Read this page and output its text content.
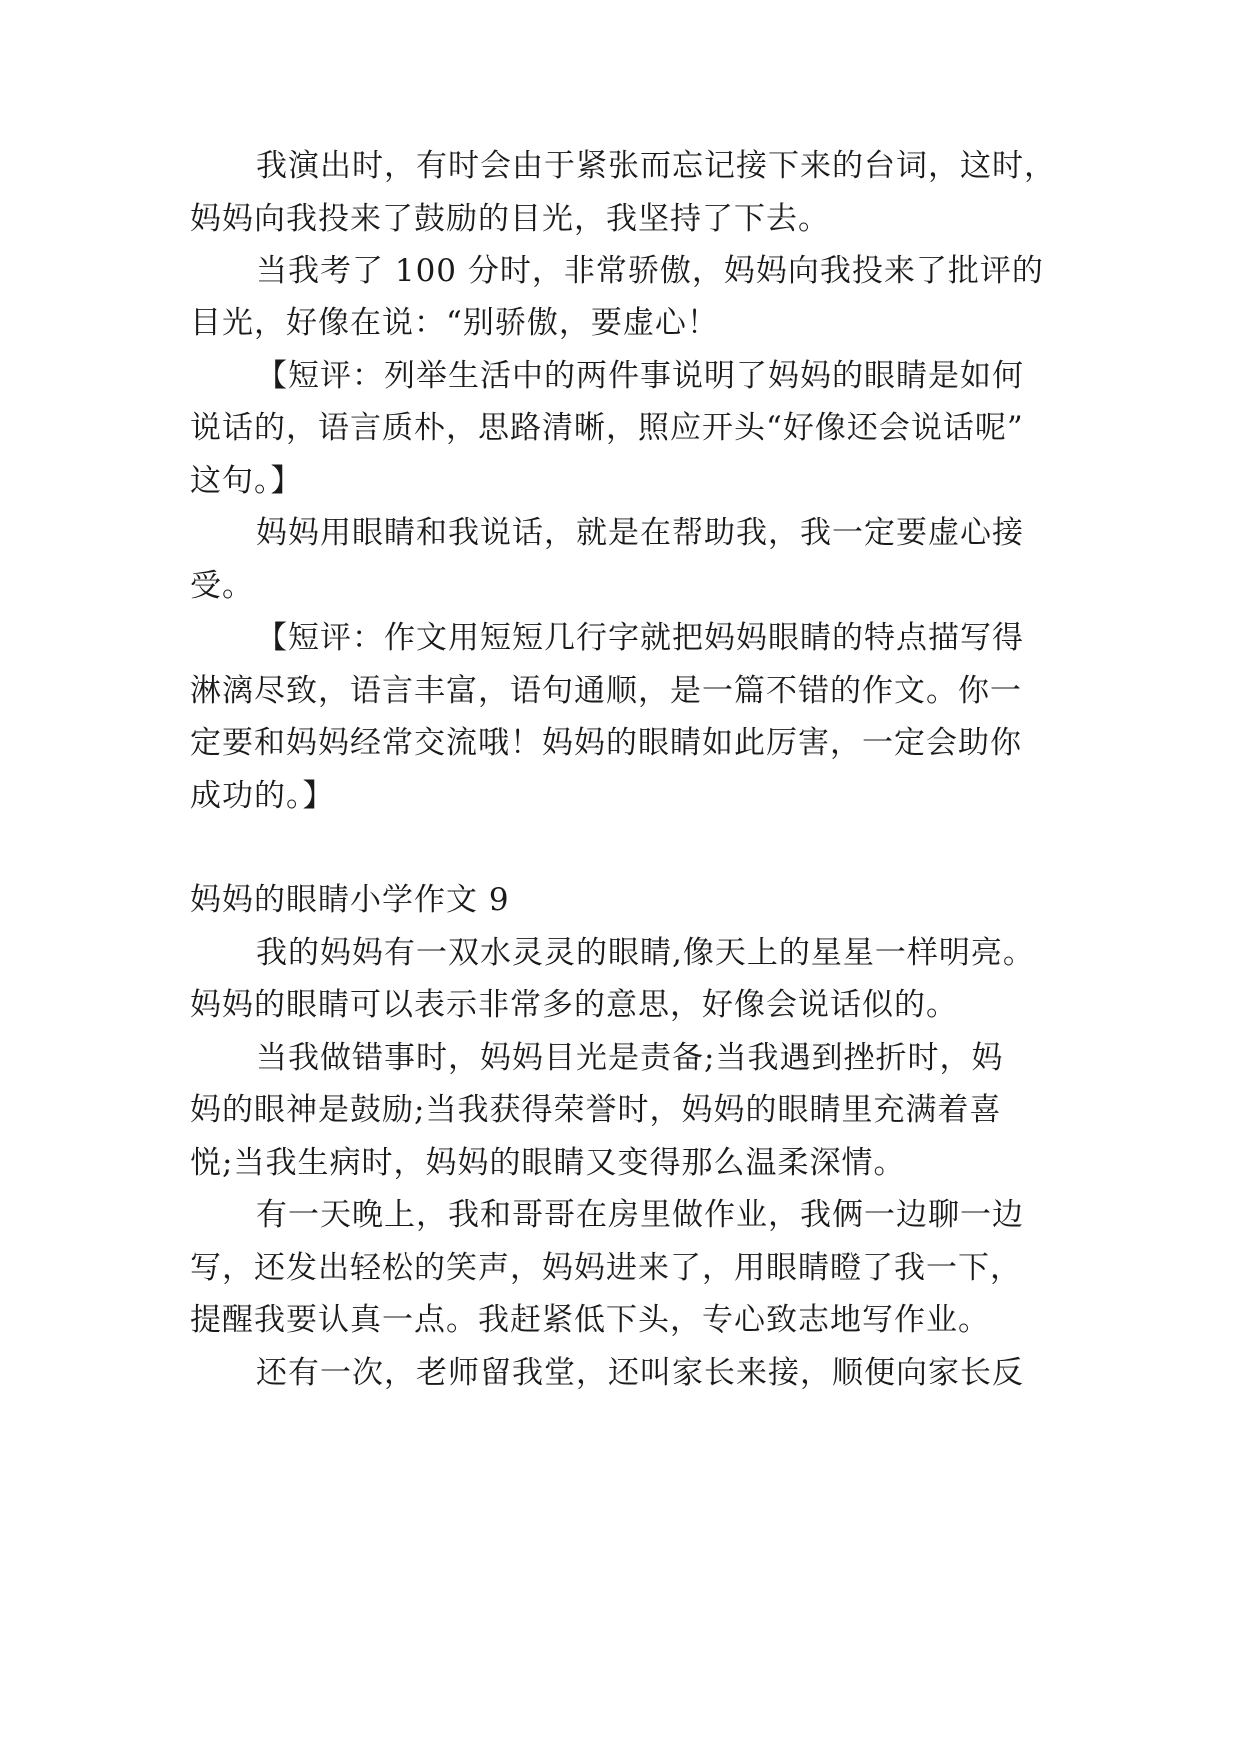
我演出时，有时会由于紧张而忘记接下来的台词，这时，
妈妈向我投来了鼓励的目光，我坚持了下去。
当我考了 100 分时，非常骄傲，妈妈向我投来了批评的
目光，好像在说：“别骄傲，要虚心！
【短评：列举生活中的两件事说明了妈妈的眼睛是如何
说话的，语言质朴，思路清晰，照应开头“好像还会说话呢”
这句。】
妈妈用眼睛和我说话，就是在帮助我，我一定要虚心接
受。
【短评：作文用短短几行字就把妈妈眼睛的特点描写得
淋漓尽致，语言丰富，语句通顺，是一篇不错的作文。你一
定要和妈妈经常交流哦！妈妈的眼睛如此厉害，一定会助你
成功的。】
妈妈的眼睛小学作文 9
我的妈妈有一双水灵灵的眼睛,像天上的星星一样明亮。
妈妈的眼睛可以表示非常多的意思，好像会说话似的。
当我做错事时，妈妈目光是责备;当我遇到挫折时，妈
妈的眼神是鼓励;当我获得荣誉时，妈妈的眼睛里充满着喜
悦;当我生病时，妈妈的眼睛又变得那么温柔深情。
有一天晚上，我和哥哥在房里做作业，我俩一边聊一边
写，还发出轻松的笑声，妈妈进来了，用眼睛瞪了我一下，
提醒我要认真一点。我赶紧低下头，专心致志地写作业。
还有一次，老师留我堂，还叫家长来接，顺便向家长反
